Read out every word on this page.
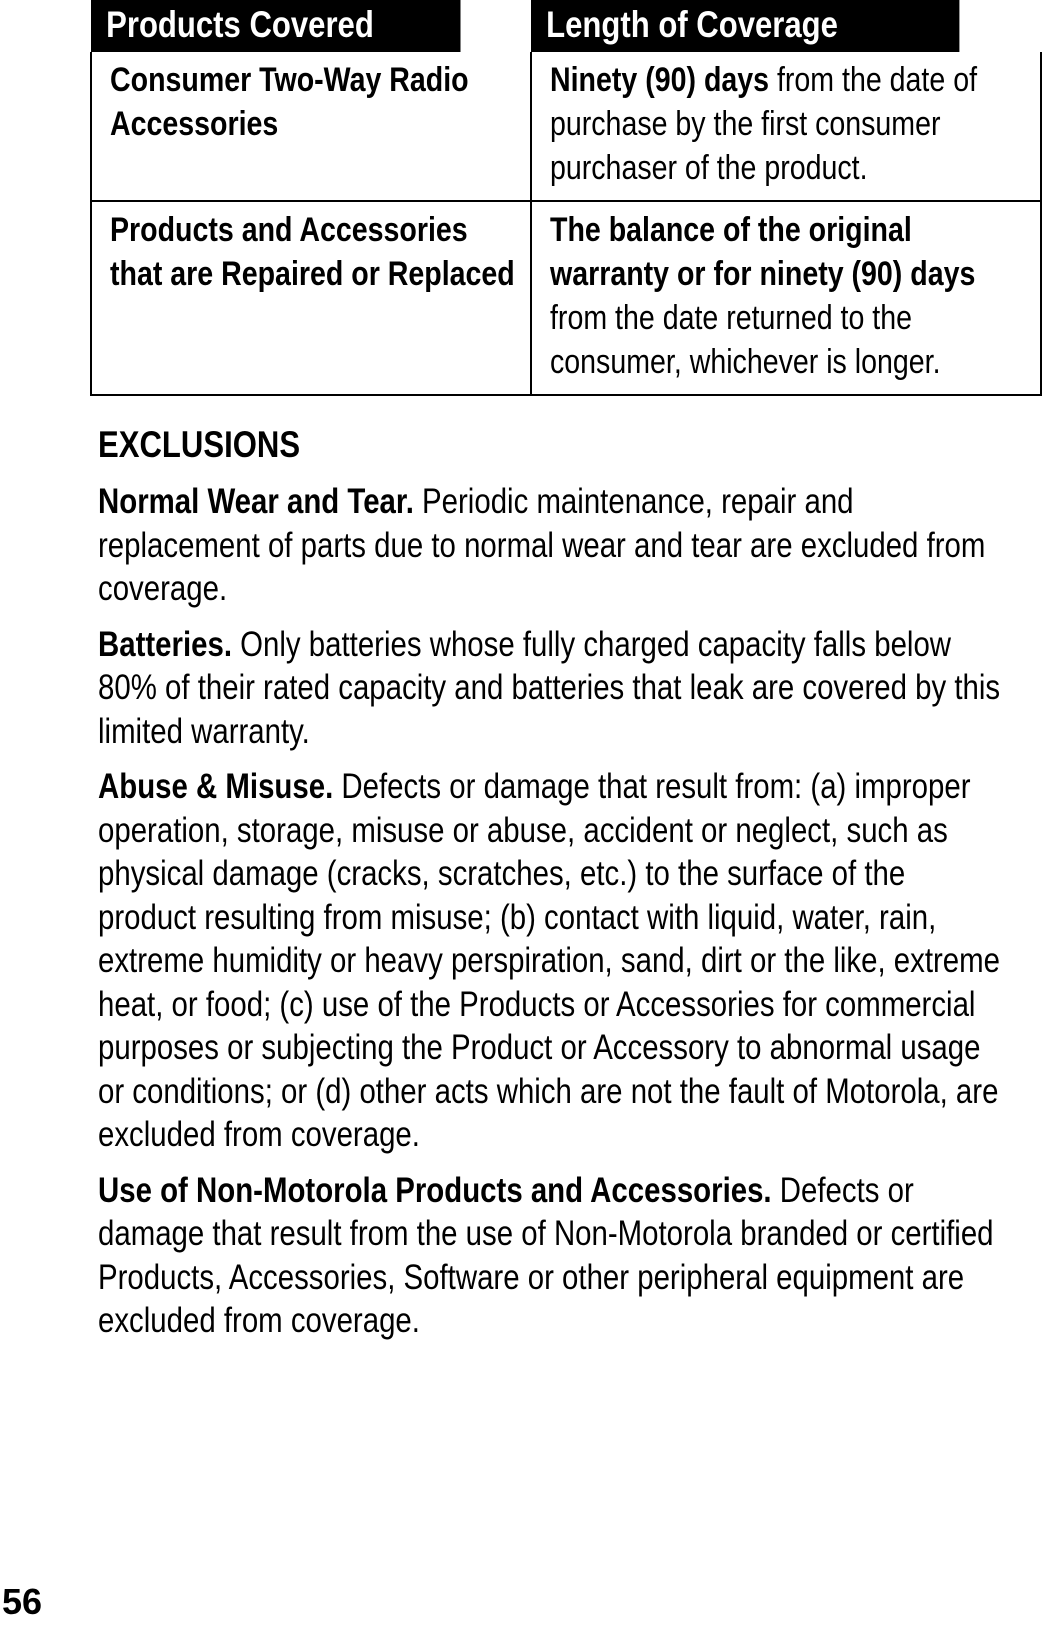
Products Covered	Length of Coverage

Consumer Two-Way Radio Accessories	Ninety (90) days from the date of purchase by the first consumer purchaser of the product.

Products and Accessories that are Repaired or Replaced	The balance of the original warranty or for ninety (90) days from the date returned to the consumer, whichever is longer.
EXCLUSIONS

Normal Wear and Tear. Periodic maintenance, repair and replacement of parts due to normal wear and tear are excluded from coverage.

Batteries. Only batteries whose fully charged capacity falls below 80% of their rated capacity and batteries that leak are covered by this limited warranty.

Abuse & Misuse. Defects or damage that result from: (a) improper operation, storage, misuse or abuse, accident or neglect, such as physical damage (cracks, scratches, etc.) to the surface of the product resulting from misuse; (b) contact with liquid, water, rain, extreme humidity or heavy perspiration, sand, dirt or the like, extreme heat, or food; (c) use of the Products or Accessories for commercial purposes or subjecting the Product or Accessory to abnormal usage or conditions; or (d) other acts which are not the fault of Motorola, are excluded from coverage.

Use of Non-Motorola Products and Accessories. Defects or damage that result from the use of Non-Motorola branded or certified Products, Accessories, Software or other peripheral equipment are excluded from coverage.

56
